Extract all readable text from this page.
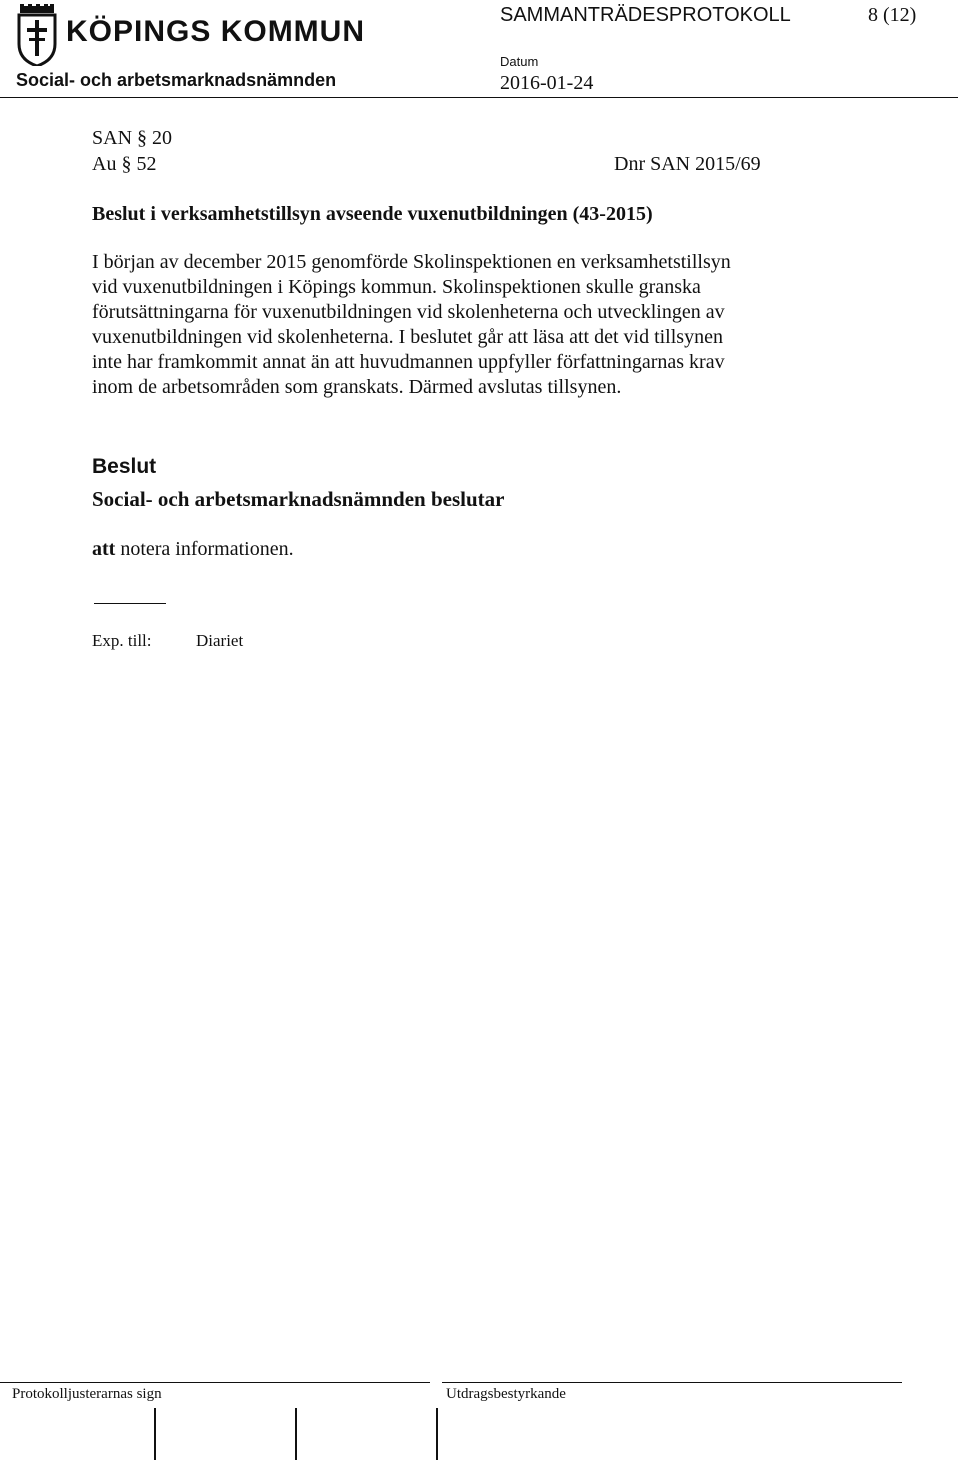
KÖPINGS KOMMUN	SAMMANTRÄDESPROTOKOLL	8 (12)
Social- och arbetsmarknadsnämnden
Datum
2016-01-24
SAN § 20
Au § 52	Dnr SAN 2015/69
Beslut i verksamhetstillsyn avseende vuxenutbildningen (43-2015)
I början av december 2015 genomförde Skolinspektionen en verksamhetstillsyn
vid vuxenutbildningen i Köpings kommun. Skolinspektionen skulle granska
förutsättningarna för vuxenutbildningen vid skolenheterna och utvecklingen av
vuxenutbildningen vid skolenheterna. I beslutet går att läsa att det vid tillsynen
inte har framkommit annat än att huvudmannen uppfyller författningarnas krav
inom de arbetsområden som granskats. Därmed avslutas tillsynen.
Beslut
Social- och arbetsmarknadsnämnden beslutar
att notera informationen.
Exp. till:	Diariet
Protokolljusterarnas sign	Utdragsbestyrkande
